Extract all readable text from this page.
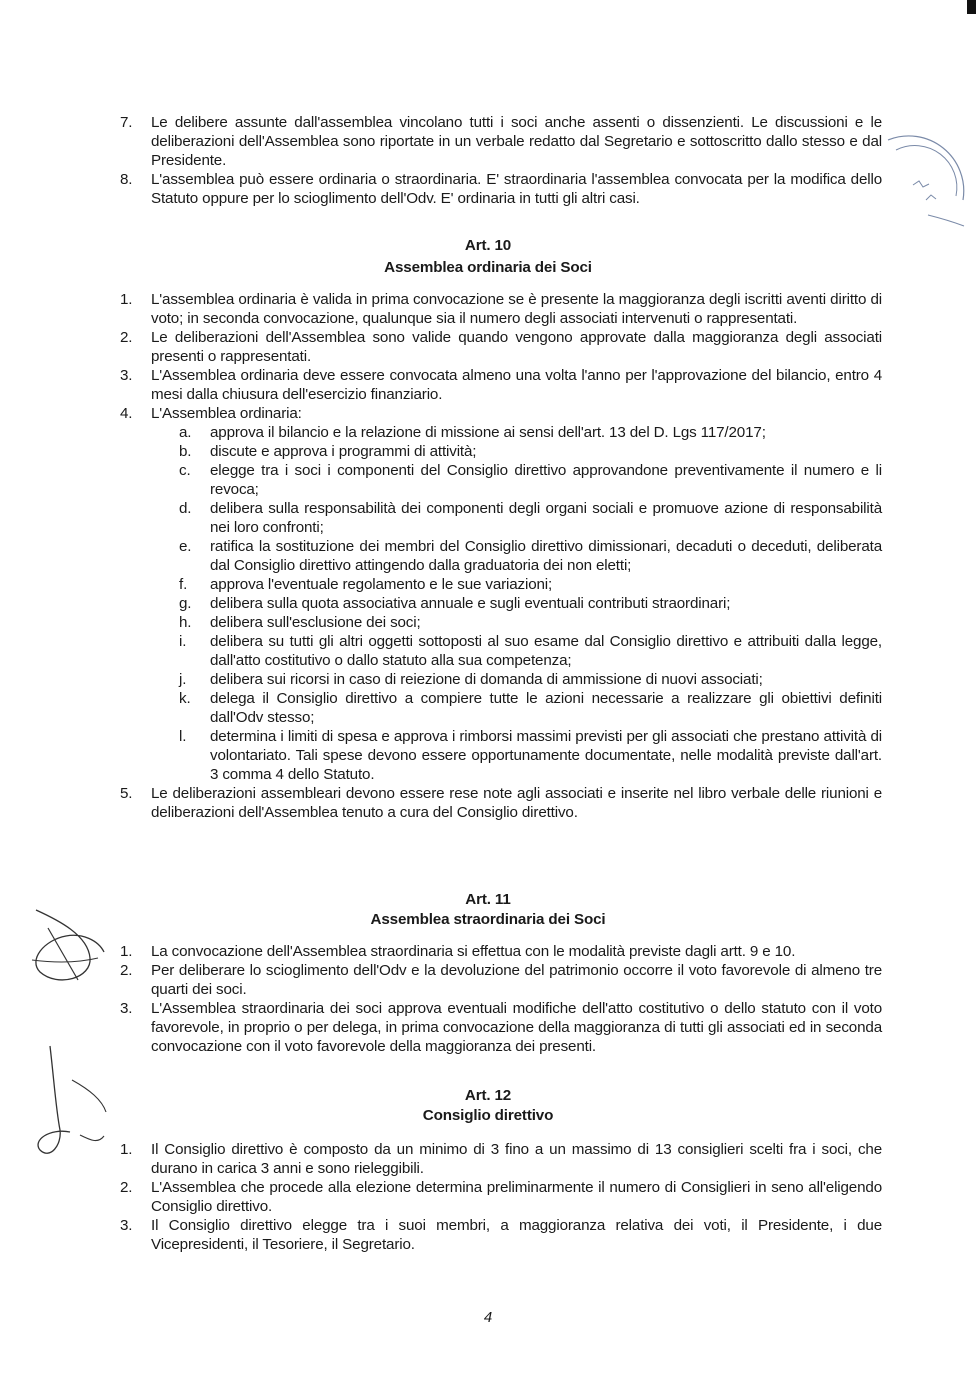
7. Le delibere assunte dall'assemblea vincolano tutti i soci anche assenti o dissenzienti. Le discussioni e le deliberazioni dell'Assemblea sono riportate in un verbale redatto dal Segretario e sottoscritto dallo stesso e dal Presidente.
8. L'assemblea può essere ordinaria o straordinaria. E' straordinaria l'assemblea convocata per la modifica dello Statuto oppure per lo scioglimento dell'Odv. E' ordinaria in tutti gli altri casi.
Art. 10
Assemblea ordinaria dei Soci
1. L'assemblea ordinaria è valida in prima convocazione se è presente la maggioranza degli iscritti aventi diritto di voto; in seconda convocazione, qualunque sia il numero degli associati intervenuti o rappresentati.
2. Le deliberazioni dell'Assemblea sono valide quando vengono approvate dalla maggioranza degli associati presenti o rappresentati.
3. L'Assemblea ordinaria deve essere convocata almeno una volta l'anno per l'approvazione del bilancio, entro 4 mesi dalla chiusura dell'esercizio finanziario.
4. L'Assemblea ordinaria:
a. approva il bilancio e la relazione di missione ai sensi dell'art. 13 del D. Lgs 117/2017;
b. discute e approva i programmi di attività;
c. elegge tra i soci i componenti del Consiglio direttivo approvandone preventivamente il numero e li revoca;
d. delibera sulla responsabilità dei componenti degli organi sociali e promuove azione di responsabilità nei loro confronti;
e. ratifica la sostituzione dei membri del Consiglio direttivo dimissionari, decaduti o deceduti, deliberata dal Consiglio direttivo attingendo dalla graduatoria dei non eletti;
f. approva l'eventuale regolamento e le sue variazioni;
g. delibera sulla quota associativa annuale e sugli eventuali contributi straordinari;
h. delibera sull'esclusione dei soci;
i. delibera su tutti gli altri oggetti sottoposti al suo esame dal Consiglio direttivo e attribuiti dalla legge, dall'atto costitutivo o dallo statuto alla sua competenza;
j. delibera sui ricorsi in caso di reiezione di domanda di ammissione di nuovi associati;
k. delega il Consiglio direttivo a compiere tutte le azioni necessarie a realizzare gli obiettivi definiti dall'Odv stesso;
l. determina i limiti di spesa e approva i rimborsi massimi previsti per gli associati che prestano attività di volontariato. Tali spese devono essere opportunamente documentate, nelle modalità previste dall'art. 3 comma 4 dello Statuto.
5. Le deliberazioni assembleari devono essere rese note agli associati e inserite nel libro verbale delle riunioni e deliberazioni dell'Assemblea tenuto a cura del Consiglio direttivo.
Art. 11
Assemblea straordinaria dei Soci
1. La convocazione dell'Assemblea straordinaria si effettua con le modalità previste dagli artt. 9 e 10.
2. Per deliberare lo scioglimento dell'Odv e la devoluzione del patrimonio occorre il voto favorevole di almeno tre quarti dei soci.
3. L'Assemblea straordinaria dei soci approva eventuali modifiche dell'atto costitutivo o dello statuto con il voto favorevole, in proprio o per delega, in prima convocazione della maggioranza di tutti gli associati ed in seconda convocazione con il voto favorevole della maggioranza dei presenti.
Art. 12
Consiglio direttivo
1. Il Consiglio direttivo è composto da un minimo di 3 fino a un massimo di 13 consiglieri scelti fra i soci, che durano in carica 3 anni e sono rieleggibili.
2. L'Assemblea che procede alla elezione determina preliminarmente il numero di Consiglieri in seno all'eligendo Consiglio direttivo.
3. Il Consiglio direttivo elegge tra i suoi membri, a maggioranza relativa dei voti, il Presidente, i due Vicepresidenti, il Tesoriere, il Segretario.
4
